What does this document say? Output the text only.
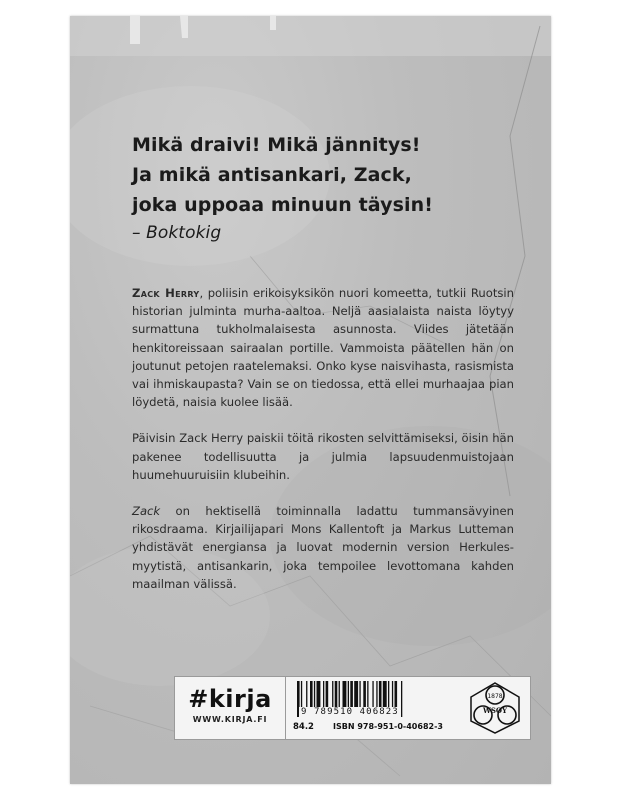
Mikä draivi! Mikä jännitys!
Ja mikä antisankari, Zack,
joka uppoaa minuun täysin!
– Boktokig

Zack Herry, poliisin erikoisyksikön nuori komeetta, tutkii Ruotsin historian julminta murha-aaltoa. Neljä aasialaista naista löytyy surmattuna tukholmalaisesta asunnosta. Viides jätetään henkitoreissaan sairaalan portille. Vammoista päätellen hän on joutunut petojen raatelemaksi. Onko kyse naisvihasta, rasismista vai ihmiskaupasta? Vain se on tiedossa, että ellei murhaajaa pian löydetä, naisia kuolee lisää.

Päivisin Zack Herry paiskii töitä rikosten selvittämiseksi, öisin hän pakenee todellisuutta ja julmia lapsuudenmuistojaan huumehuuruisiin klubeihin.

Zack on hektisellä toiminnalla ladattu tummansävyinen rikosdraama. Kirjailijapari Mons Kallentoft ja Markus Lutteman yhdistävät energiansa ja luovat modernin version Herkules-myytistä, antisankarin, joka tempoilee levottomana kahden maailman välissä.

#kirja
WWW.KIRJA.FI
9 789510 406823
84.2 ISBN 978-951-0-40682-3
1878
WSOY
